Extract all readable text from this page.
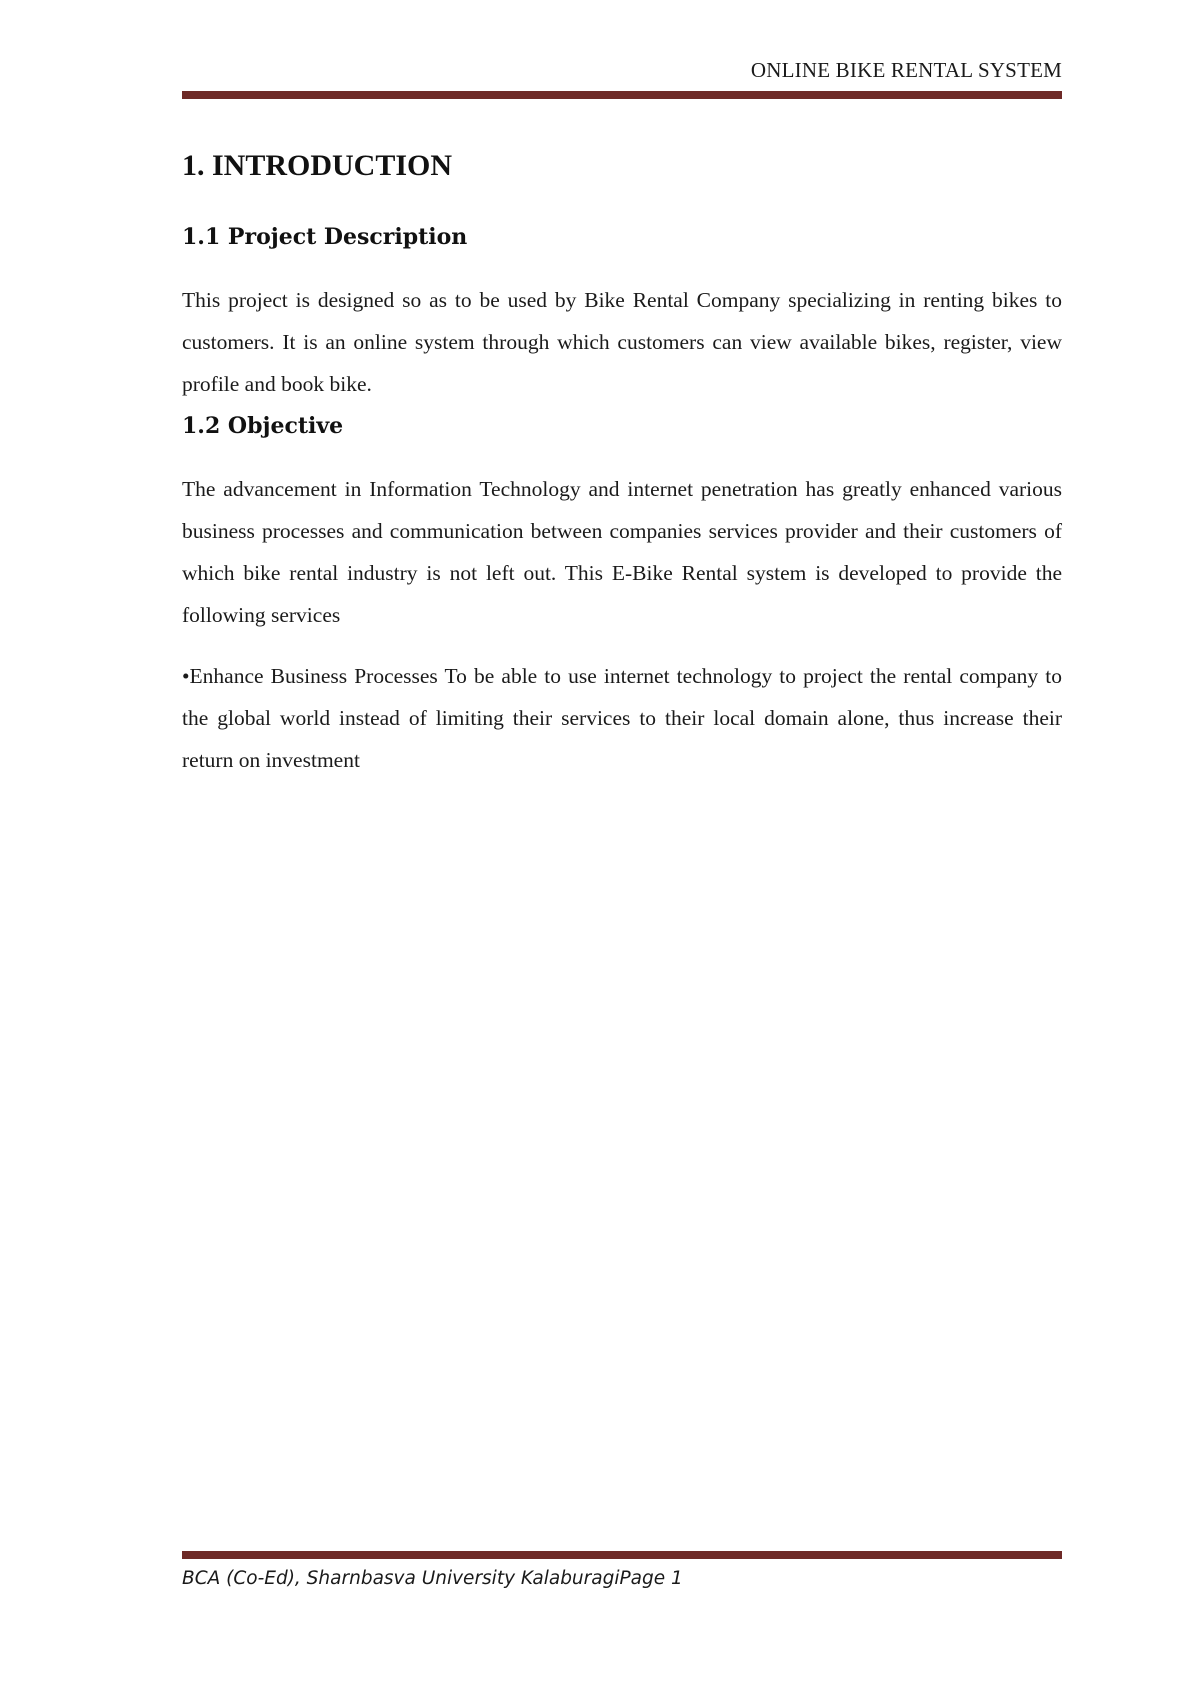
ONLINE BIKE RENTAL SYSTEM
1. INTRODUCTION
1.1 Project Description

This project is designed so as to be used by Bike Rental Company specializing in renting bikes to customers. It is an online system through which customers can view available bikes, register, view profile and book bike.

1.2 Objective

The advancement in Information Technology and internet penetration has greatly enhanced various business processes and communication between companies services provider and their customers of which bike rental industry is not left out. This E-Bike Rental system is developed to provide the following services

•Enhance Business Processes To be able to use internet technology to project the rental company to the global world instead of limiting their services to their local domain alone, thus increase their return on investment

BCA (Co-Ed), Sharnbasva University KalaburagiPage 1
